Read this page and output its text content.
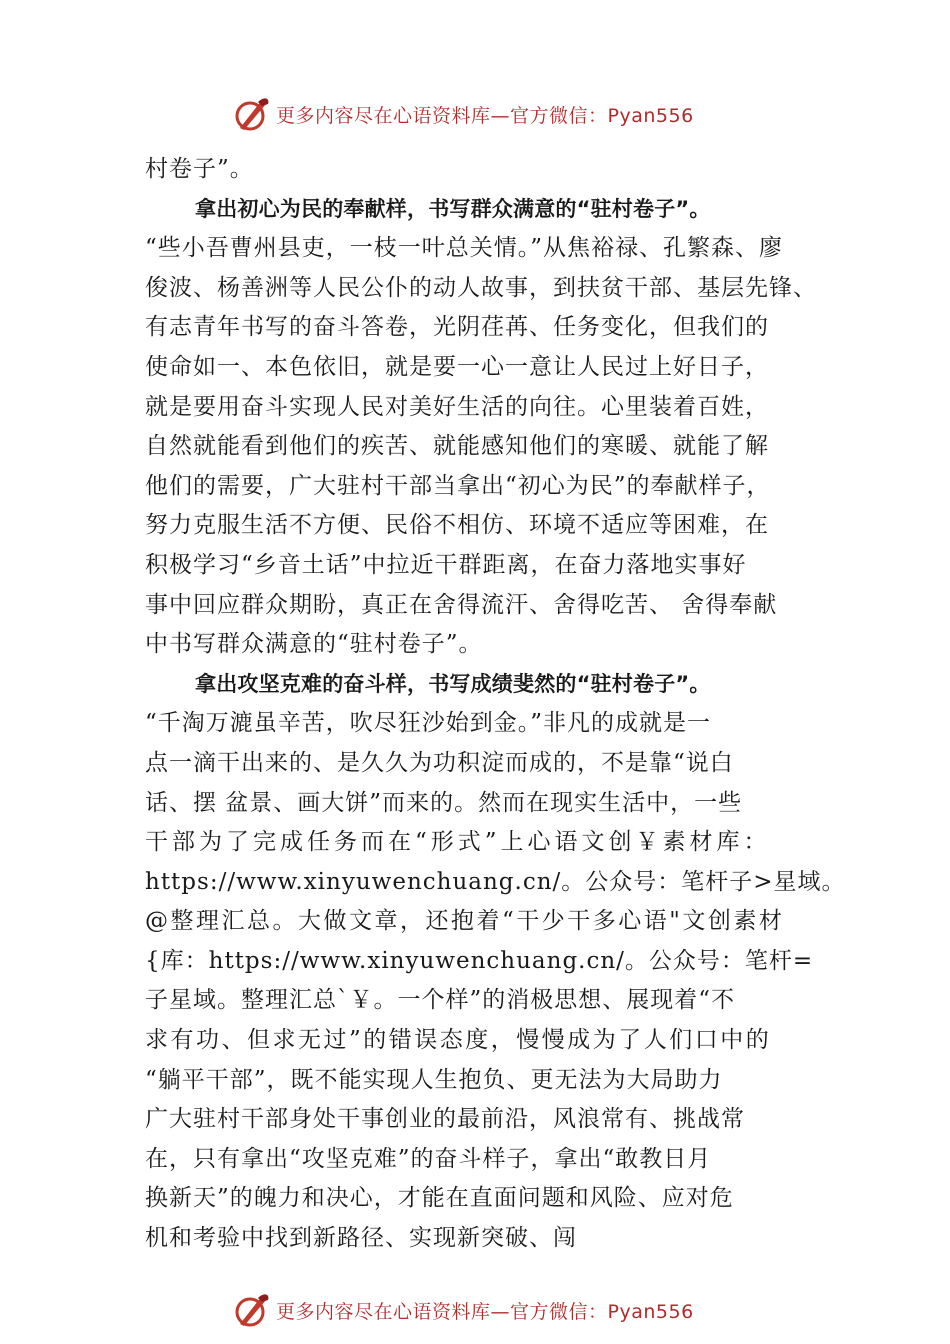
更多内容尽在心语资料库—官方微信：Pyan556
村卷子”。
拿出初心为民的奉献样，书写群众满意的“驻村卷子”。
“些小吾曹州县吏，一枝一叶总关情。”从焦裕禄、孔繁森、廖
俊波、杨善洲等人民公仆的动人故事，到扶贫干部、基层先锋、
有志青年书写的奋斗答卷，光阴荏苒、任务变化，但我们的
使命如一、本色依旧，就是要一心一意让人民过上好日子，
就是要用奋斗实现人民对美好生活的向往。心里装着百姓，
自然就能看到他们的疾苦、就能感知他们的寒暖、就能了解
他们的需要，广大驻村干部当拿出“初心为民”的奉献样子，
努力克服生活不方便、民俗不相仿、环境不适应等困难，在
积极学习“乡音土话”中拉近干群距离，在奋力落地实事好
事中回应群众期盼，真正在舍得流汗、舍得吃苦、 舍得奉献
中书写群众满意的“驻村卷子”。
拿出攻坚克难的奋斗样，书写成绩斐然的“驻村卷子”。
“千淘万漉虽辛苦，吹尽狂沙始到金。”非凡的成就是一
点一滴干出来的、是久久为功积淀而成的，不是靠“说白
话、摆 盆景、画大饼”而来的。然而在现实生活中，一些
干部为了完成任务而在“形式”上心语文创￥素材库：
https://www.xinyuwenchuang.cn/。公众号：笔杆子>星域。
@整理汇总。大做文章，还抱着“干少干多心语"文创素材
{库：https://www.xinyuwenchuang.cn/。公众号：笔杆=
子星域。整理汇总`￥。一个样”的消极思想、展现着“不
求有功、但求无过”的错误态度，慢慢成为了人们口中的
“躺平干部”，既不能实现人生抱负、更无法为大局助力
广大驻村干部身处干事创业的最前沿，风浪常有、挑战常
在，只有拿出“攻坚克难”的奋斗样子，拿出“敢教日月
换新天”的魄力和决心，才能在直面问题和风险、应对危
机和考验中找到新路径、实现新突破、闯
更多内容尽在心语资料库—官方微信：Pyan556
